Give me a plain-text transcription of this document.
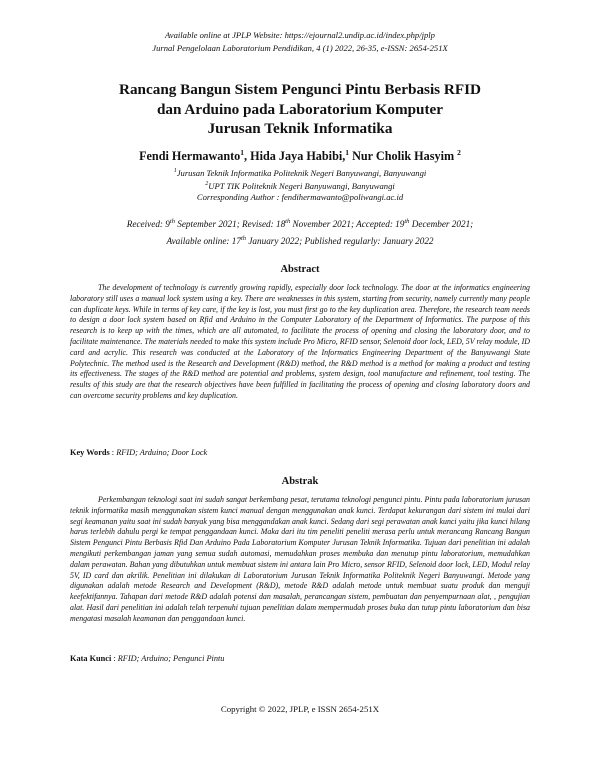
Available online at JPLP Website: https://ejournal2.undip.ac.id/index.php/jplp
Jurnal Pengelolaan Laboratorium Pendidikan, 4 (1) 2022, 26-35, e-ISSN: 2654-251X
Rancang Bangun Sistem Pengunci Pintu Berbasis RFID
dan Arduino pada Laboratorium Komputer
Jurusan Teknik Informatika
Fendi Hermawanto$^1$, Hida Jaya Habibi,$^1$ Nur Cholik Hasyim $^2$
$^1$Jurusan Teknik Informatika Politeknik Negeri Banyuwangi, Banyuwangi
$^2$UPT TIK Politeknik Negeri Banyuwangi, Banyuwangi
Corresponding Author : fendihermawanto@poliwangi.ac.id
Received: 9th September 2021; Revised: 18th November 2021; Accepted: 19th December 2021;
Available online: 17th January 2022; Published regularly: January 2022
Abstract
The development of technology is currently growing rapidly, especially door lock technology. The door at the informatics engineering laboratory still uses a manual lock system using a key. There are weaknesses in this system, starting from security, namely currently many people can duplicate keys. While in terms of key care, if the key is lost, you must first go to the key duplication area. Therefore, the research team needs to design a door lock system based on Rfid and Arduino in the Computer Laboratory of the Department of Informatics. The purpose of this research is to keep up with the times, which are all automated, to facilitate the process of opening and closing the laboratory door, and to facilitate maintenance. The materials needed to make this system include Pro Micro, RFID sensor, Selenoid door lock, LED, 5V relay module, ID card and acrylic. This research was conducted at the Laboratory of the Informatics Engineering Department of the Banyuwangi State Polytechnic. The method used is the Research and Development (R&D) method, the R&D method is a method for making a product and testing its effectiveness. The stages of the R&D method are potential and problems, system design, tool manufacture and refinement, tool testing. The results of this study are that the research objectives have been fulfilled in facilitating the process of opening and closing laboratory doors and can overcome security problems and key duplication.
Key Words : RFID; Arduino; Door Lock
Abstrak
Perkembangan teknologi saat ini sudah sangat berkembang pesat, terutama teknologi pengunci pintu. Pintu pada laboratorium jurusan teknik informatika masih menggunakan sistem kunci manual dengan menggunakan anak kunci. Terdapat kekurangan dari sistem ini mulai dari segi keamanan yaitu saat ini sudah banyak yang bisa menggandakan anak kunci. Sedang dari segi perawatan anak kunci yaitu jika kunci hilang harus terlebih dahulu pergi ke tempat penggandaan kunci. Maka dari itu tim peneliti peneliti merasa perlu untuk merancang Rancang Bangun Sistem Pengunci Pintu Berbasis Rfid Dan Arduino Pada Laboratorium Komputer Jurusan Teknik Informatika. Tujuan dari penelitian ini adalah mengikuti perkembangan jaman yang semua sudah automasi, memudahkan proses membuka dan menutup pintu laboratorium, memudahkan dalam perawatan. Bahan yang dibutuhkan untuk membuat sistem ini antara lain Pro Micro, sensor RFID, Selenoid door lock, LED, Modul relay 5V, ID card dan akrilik. Penelitian ini dilakukan di Laboratorium Jurusan Teknik Informatika Politeknik Negeri Banyuwangi. Metode yang digunakan adalah metode Research and Development (R&D), metode R&D adalah metode untuk membuat suatu produk dan menguji keefektifannya. Tahapan dari metode R&D adalah potensi dan masalah, perancangan sistem, pembuatan dan penyempurnaan alat, , pengujian alat. Hasil dari penelitian ini adalah telah terpenuhi tujuan penelitian dalam mempermudah proses buka dan tutup pintu laboratorium dan bisa mengatasi masalah keamanan dan penggandaan kunci.
Kata Kunci : RFID; Arduino; Pengunci Pintu
Copyright © 2022, JPLP, e ISSN 2654-251X
